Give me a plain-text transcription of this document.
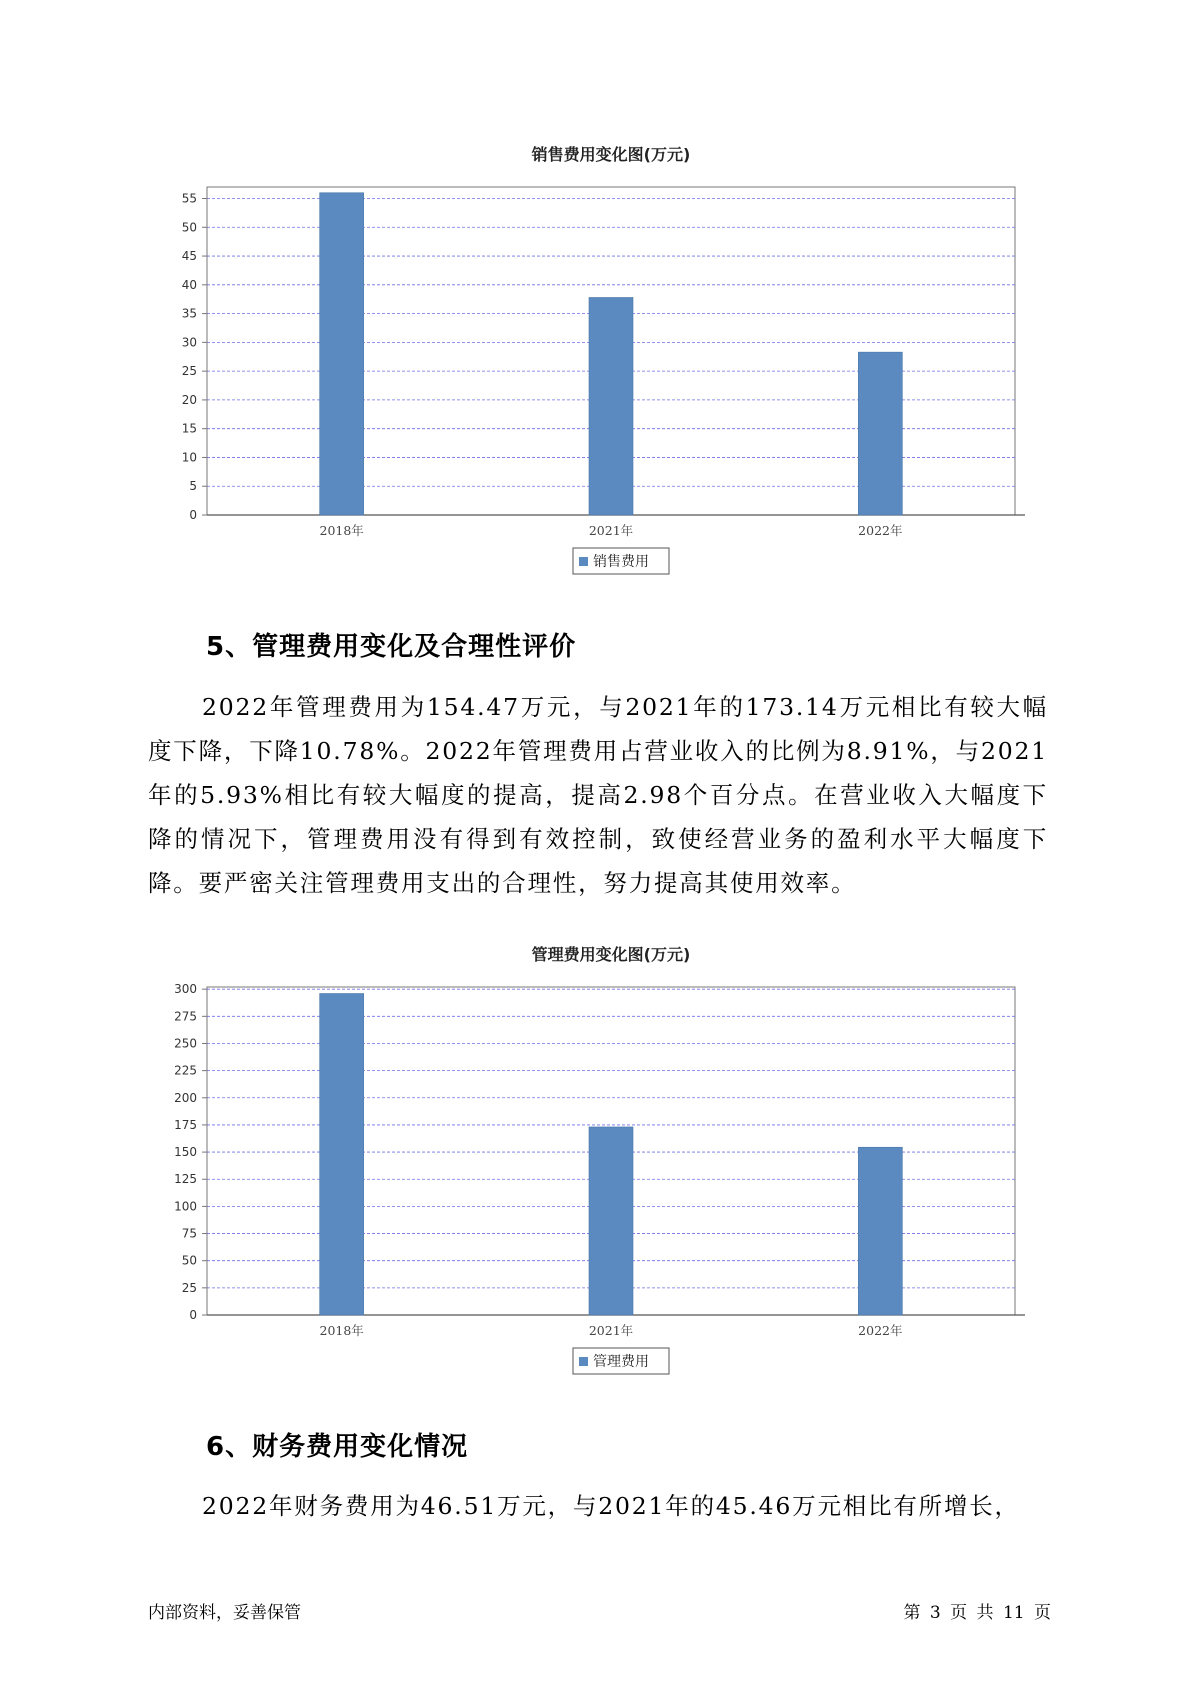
销售费用变化图(万元)
0
5
10
15
20
25
30
35
40
45
50
55
2018年	2021年	2022年
销售费用
5、管理费用变化及合理性评价

2022年管理费用为154.47万元，与2021年的173.14万元相比有较大幅度下降，下降10.78%。2022年管理费用占营业收入的比例为8.91%，与2021年的5.93%相比有较大幅度的提高，提高2.98个百分点。在营业收入大幅度下降的情况下，管理费用没有得到有效控制，致使经营业务的盈利水平大幅度下降。要严密关注管理费用支出的合理性，努力提高其使用效率。

管理费用变化图(万元)
0
25
50
75
100
125
150
175
200
225
250
275
300
2018年	2021年	2022年
管理费用
6、财务费用变化情况

2022年财务费用为46.51万元，与2021年的45.46万元相比有所增长，

内部资料，妥善保管	第 3 页 共 11 页
